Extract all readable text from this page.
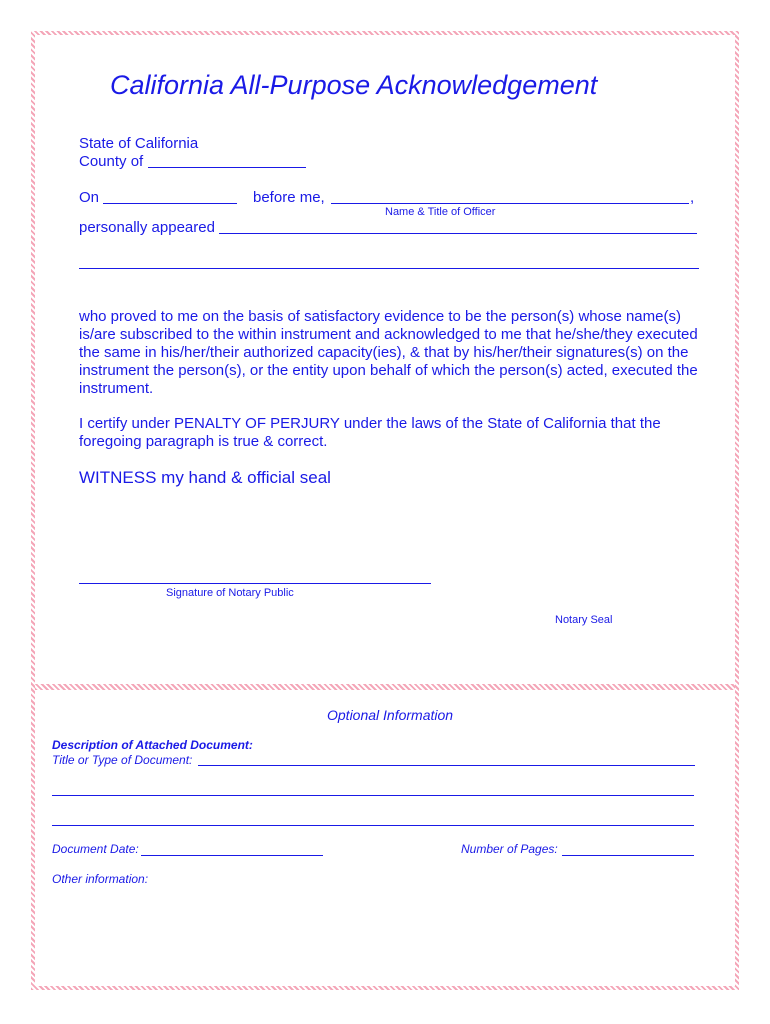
California All-Purpose Acknowledgement
State of California
County of
On	before me,	,
Name & Title of Officer
personally appeared
who proved to me on the basis of satisfactory evidence to be the person(s) whose name(s) is/are subscribed to the within instrument and acknowledged to me that he/she/they executed the same in his/her/their authorized capacity(ies), & that by his/her/their signatures(s) on the instrument the person(s), or the entity upon behalf of which the person(s) acted, executed the instrument.
I certify under PENALTY OF PERJURY under the laws of the State of California that the foregoing paragraph is true & correct.
WITNESS my hand & official seal
Signature of Notary Public
Notary Seal
Optional Information
Description of Attached Document:
Title or Type of Document:
Document Date:	Number of Pages:
Other information:
